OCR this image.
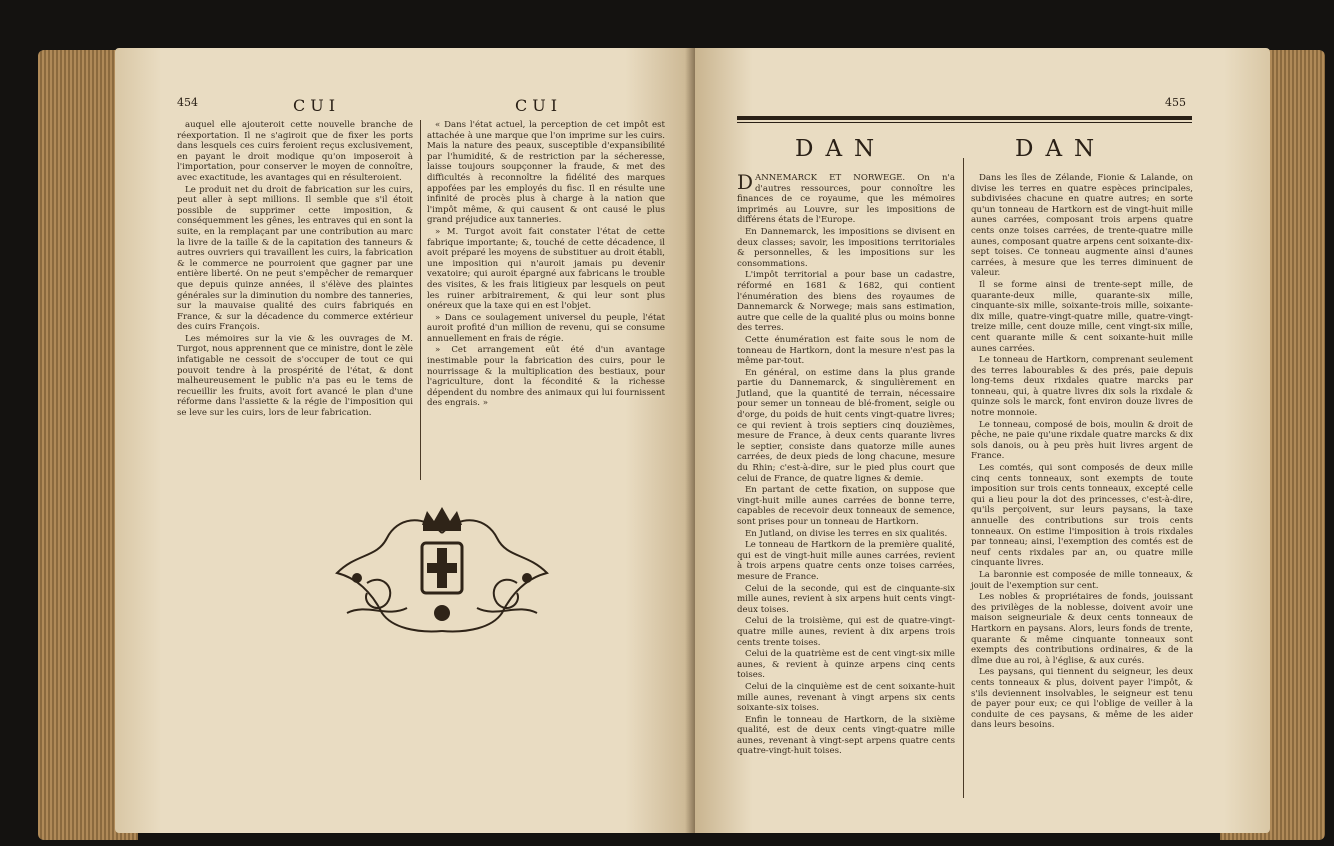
454	CUI	CUI

auquel elle ajouteroit cette nouvelle branche de réexportation. Il ne s'agiroit que de fixer les ports dans lesquels ces cuirs feroient reçus exclusivement, en payant le droit modique qu'on imposeroit à l'importation, pour conserver le moyen de connoître, avec exactitude, les avantages qui en résulteroient.

Le produit net du droit de fabrication sur les cuirs, peut aller à sept millions. Il semble que s'il étoit possible de supprimer cette imposition, & conséquemment les gênes, les entraves qui en sont la suite, en la remplaçant par une contribution au marc la livre de la taille & de la capitation des tanneurs & autres ouvriers qui travaillent les cuirs, la fabrication & le commerce ne pourroient que gagner par une entière liberté. On ne peut s'empêcher de remarquer que depuis quinze années, il s'élève des plaintes générales sur la diminution du nombre des tanneries, sur la mauvaise qualité des cuirs fabriqués en France, & sur la décadence du commerce extérieur des cuirs François.

Les mémoires sur la vie & les ouvrages de M. Turgot, nous apprennent que ce ministre, dont le zèle infatigable ne cessoit de s'occuper de tout ce qui pouvoit tendre à la prospérité de l'état, & dont malheureusement le public n'a pas eu le tems de recueillir les fruits, avoit fort avancé le plan d'une réforme dans l'assiette & la régie de l'imposition qui se leve sur les cuirs, lors de leur fabrication.

« Dans l'état actuel, la perception de cet impôt est attachée à une marque que l'on imprime sur les cuirs. Mais la nature des peaux, susceptible d'expansibilité par l'humidité, & de restriction par la sécheresse, laisse toujours soupçonner la fraude, & met des difficultés à reconnoître la fidélité des marques appofées par les employés du fisc. Il en résulte une infinité de procès plus à charge à la nation que l'impôt même, & qui causent & ont causé le plus grand préjudice aux tanneries.

» M. Turgot avoit fait constater l'état de cette fabrique importante; &, touché de cette décadence, il avoit préparé les moyens de substituer au droit établi, une imposition qui n'auroit jamais pu devenir vexatoire; qui auroit épargné aux fabricans le trouble des visites, & les frais litigieux par lesquels on peut les ruiner arbitrairement, & qui leur sont plus onéreux que la taxe qui en est l'objet.

» Dans ce soulagement universel du peuple, l'état auroit profité d'un million de revenu, qui se consume annuellement en frais de régie.

» Cet arrangement eût été d'un avantage inestimable pour la fabrication des cuirs, pour le nourrissage & la multiplication des bestiaux, pour l'agriculture, dont la fécondité & la richesse dépendent du nombre des animaux qui lui fournissent des engrais. »

455
DAN	DAN

DANNEMARCK ET NORWEGE. On n'a d'autres ressources, pour connoître les finances de ce royaume, que les mémoires imprimés au Louvre, sur les impositions de différens états de l'Europe.

En Dannemarck, les impositions se divisent en deux classes; savoir, les impositions territoriales & personnelles, & les impositions sur les consommations.

L'impôt territorial a pour base un cadastre, réformé en 1681 & 1682, qui contient l'énumération des biens des royaumes de Dannemarck & Norwege; mais sans estimation, autre que celle de la qualité plus ou moins bonne des terres.

Cette énumération est faite sous le nom de tonneau de Hartkorn, dont la mesure n'est pas la même par-tout.

En général, on estime dans la plus grande partie du Dannemarck, & singulièrement en Jutland, que la quantité de terrain, nécessaire pour semer un tonneau de blé-froment, seigle ou d'orge, du poids de huit cents vingt-quatre livres; ce qui revient à trois septiers cinq douzièmes, mesure de France, à deux cents quarante livres le septier, consiste dans quatorze mille aunes carrées, de deux pieds de long chacune, mesure du Rhin; c'est-à-dire, sur le pied plus court que celui de France, de quatre lignes & demie.

En partant de cette fixation, on suppose que vingt-huit mille aunes carrées de bonne terre, capables de recevoir deux tonneaux de semence, sont prises pour un tonneau de Hartkorn.

En Jutland, on divise les terres en six qualités.

Le tonneau de Hartkorn de la première qualité, qui est de vingt-huit mille aunes carrées, revient à trois arpens quatre cents onze toises carrées, mesure de France.

Celui de la seconde, qui est de cinquante-six mille aunes, revient à six arpens huit cents vingt-deux toises.

Celui de la troisième, qui est de quatre-vingt-quatre mille aunes, revient à dix arpens trois cents trente toises.

Celui de la quatrième est de cent vingt-six mille aunes, & revient à quinze arpens cinq cents toises.

Celui de la cinquième est de cent soixante-huit mille aunes, revenant à vingt arpens six cents soixante-six toises.

Enfin le tonneau de Hartkorn, de la sixième qualité, est de deux cents vingt-quatre mille aunes, revenant à vingt-sept arpens quatre cents quatre-vingt-huit toises.

Dans les îles de Zélande, Fionie & Lalande, on divise les terres en quatre espèces principales, subdivisées chacune en quatre autres; en sorte qu'un tonneau de Hartkorn est de vingt-huit mille aunes carrées, composant trois arpens quatre cents onze toises carrées, de trente-quatre mille aunes, composant quatre arpens cent soixante-dix-sept toises. Ce tonneau augmente ainsi d'aunes carrées, à mesure que les terres diminuent de valeur.

Il se forme ainsi de trente-sept mille, de quarante-deux mille, quarante-six mille, cinquante-six mille, soixante-trois mille, soixante-dix mille, quatre-vingt-quatre mille, quatre-vingt-treize mille, cent douze mille, cent vingt-six mille, cent quarante mille & cent soixante-huit mille aunes carrées.

Le tonneau de Hartkorn, comprenant seulement des terres labourables & des prés, paie depuis long-tems deux rixdales quatre marcks par tonneau, qui, à quatre livres dix sols la rixdale & quinze sols le marck, font environ douze livres de notre monnoie.

Le tonneau, composé de bois, moulin & droit de pêche, ne paie qu'une rixdale quatre marcks & dix sols danois, ou à peu près huit livres argent de France.

Les comtés, qui sont composés de deux mille cinq cents tonneaux, sont exempts de toute imposition sur trois cents tonneaux, excepté celle qui a lieu pour la dot des princesses, c'est-à-dire, qu'ils perçoivent, sur leurs paysans, la taxe annuelle des contributions sur trois cents tonneaux. On estime l'imposition à trois rixdales par tonneau; ainsi, l'exemption des comtés est de neuf cents rixdales par an, ou quatre mille cinquante livres.

La baronnie est composée de mille tonneaux, & jouit de l'exemption sur cent.

Les nobles & propriétaires de fonds, jouissant des privilèges de la noblesse, doivent avoir une maison seigneuriale & deux cents tonneaux de Hartkorn en paysans. Alors, leurs fonds de trente, quarante & même cinquante tonneaux sont exempts des contributions ordinaires, & de la dîme due au roi, à l'église, & aux curés.

Les paysans, qui tiennent du seigneur, les deux cents tonneaux & plus, doivent payer l'impôt, & s'ils deviennent insolvables, le seigneur est tenu de payer pour eux; ce qui l'oblige de veiller à la conduite de ces paysans, & même de les aider dans leurs besoins.
